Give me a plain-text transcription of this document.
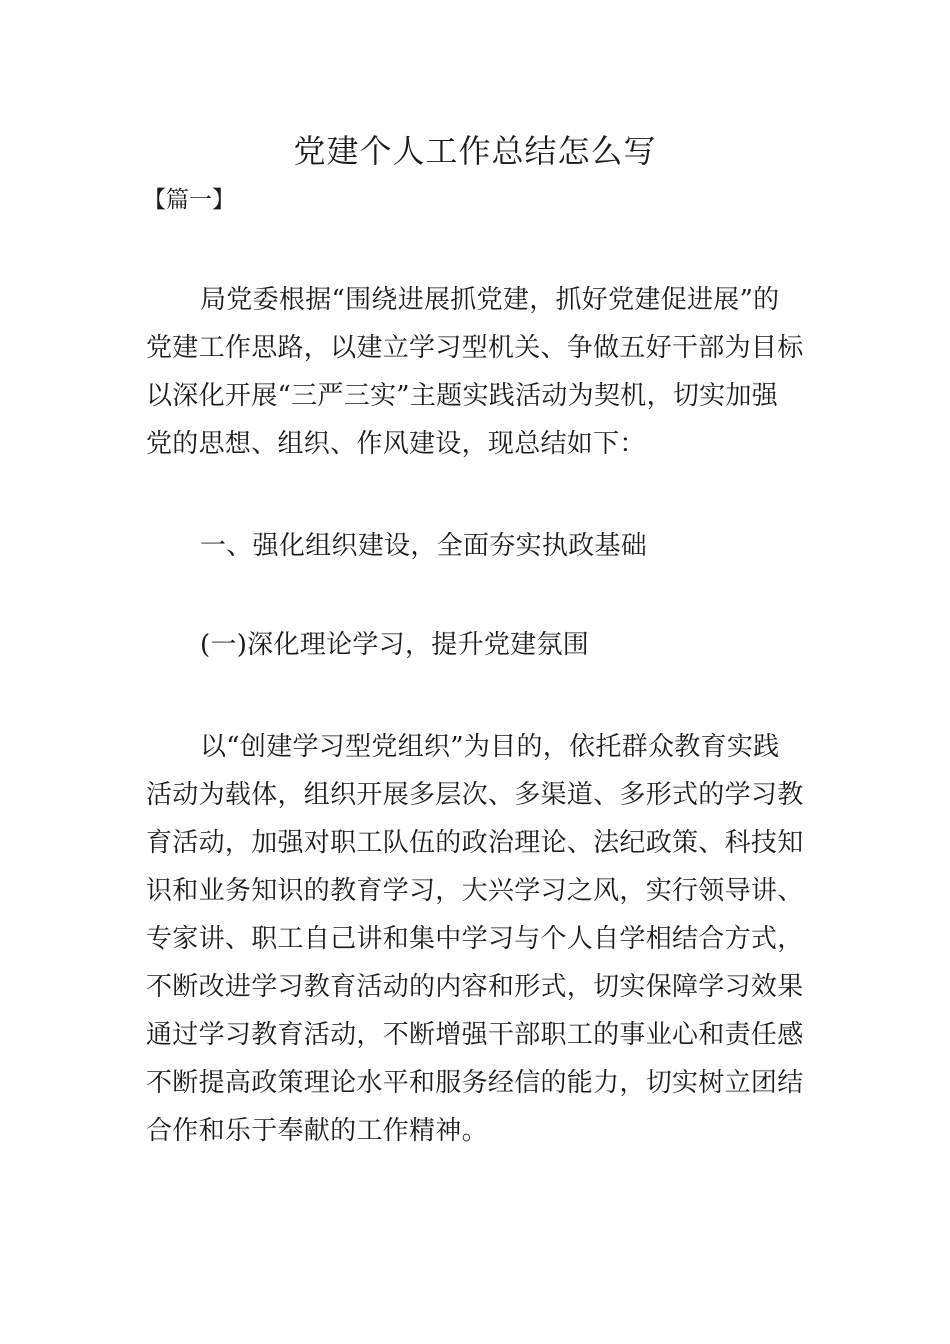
党建个人工作总结怎么写
【篇一】

局党委根据“围绕进展抓党建，抓好党建促进展”的
党建工作思路，以建立学习型机关、争做五好干部为目标
以深化开展“三严三实”主题实践活动为契机，切实加强
党的思想、组织、作风建设，现总结如下：

一、强化组织建设，全面夯实执政基础
(一)深化理论学习，提升党建氛围

以“创建学习型党组织”为目的，依托群众教育实践
活动为载体，组织开展多层次、多渠道、多形式的学习教
育活动，加强对职工队伍的政治理论、法纪政策、科技知
识和业务知识的教育学习，大兴学习之风，实行领导讲、
专家讲、职工自己讲和集中学习与个人自学相结合方式，
不断改进学习教育活动的内容和形式，切实保障学习效果
通过学习教育活动，不断增强干部职工的事业心和责任感
不断提高政策理论水平和服务经信的能力，切实树立团结
合作和乐于奉献的工作精神。
